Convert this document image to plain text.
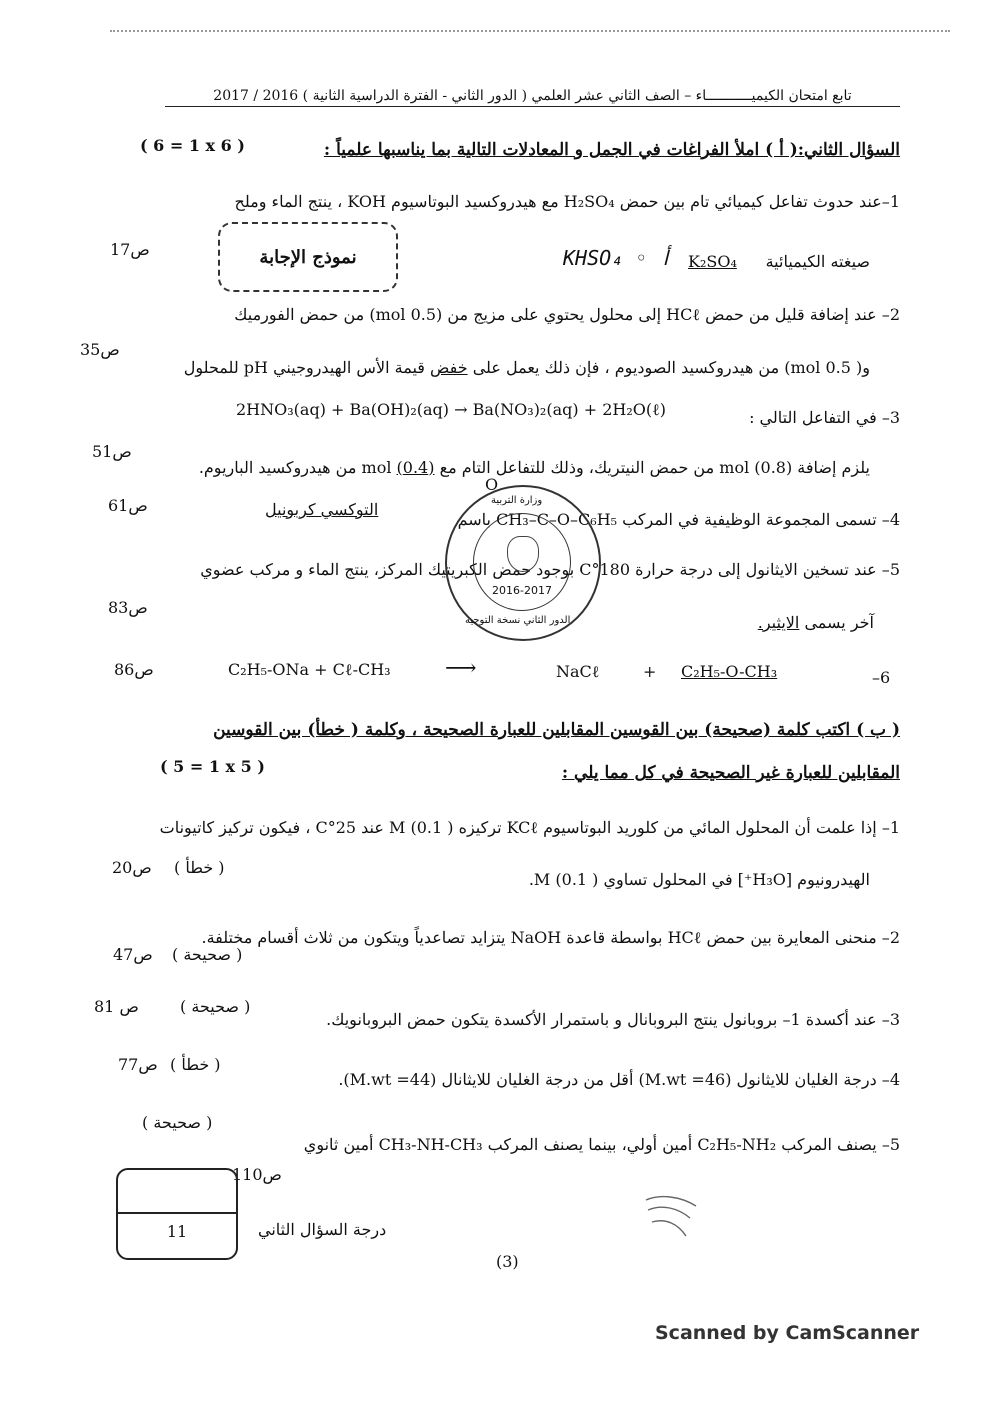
تابع امتحان الكيميـــــــــــاء – الصف الثاني عشر العلمي ( الدور الثاني - الفترة الدراسية الثانية ) 2016 / 2017
السؤال الثاني:( أ ) املأ الفراغات في الجمل و المعادلات التالية بما يناسبها علمياً :
( 6 = 1 x 6 )
1–عند حدوث تفاعل كيميائي تام بين حمض H₂SO₄ مع هيدروكسيد البوتاسيوم KOH ، ينتج الماء وملح
نموذج الإجابة
ص17
صيغته الكيميائية
K₂SO₄
KHSO₄ ◦ أ
2– عند إضافة قليل من حمض HCℓ إلى محلول يحتوي على مزيج من (0.5 mol) من حمض الفورميك
ص35
و( 0.5 mol) من هيدروكسيد الصوديوم ، فإن ذلك يعمل على خفض قيمة الأس الهيدروجيني pH للمحلول
3– في التفاعل التالي :
2HNO₃(aq) + Ba(OH)₂(aq) → Ba(NO₃)₂(aq) + 2H₂O(ℓ)
ص51
يلزم إضافة (0.8) mol من حمض النيتريك، وذلك للتفاعل التام مع (0.4) mol من هيدروكسيد الباريوم.
O
4– تسمى المجموعة الوظيفية في المركب CH₃–C–O–C₆H₅ باسم
التوكسي كربونيل
ص61
5– عند تسخين الايثانول إلى درجة حرارة 180°C بوجود حمض الكبريتيك المركز، ينتج الماء و مركب عضوي
ص83
آخر يسمى الايثير.
ص86	C₂H₅-ONa + Cℓ-CH₃ ⟶	NaCℓ	+ C₂H₅-O-CH₃	–6
وزارة التربية
2016-2017
الدور الثاني نسخة التوجيه
( ب ) اكتب كلمة (صحيحة) بين القوسين المقابلين للعبارة الصحيحة ، وكلمة ( خطأ) بين القوسين
( 5 = 1 x 5 )	المقابلين للعبارة غير الصحيحة في كل مما يلي :
1– إذا علمت أن المحلول المائي من كلوريد البوتاسيوم KCℓ تركيزه M (0.1 ) عند 25°C ، فيكون تركيز كاتيونات
الهيدرونيوم [H₃O⁺] في المحلول تساوي M (0.1 ).
( خطأ )
ص20
2– منحنى المعايرة بين حمض HCℓ بواسطة قاعدة NaOH يتزايد تصاعدياً ويتكون من ثلاث أقسام مختلفة.
( صحيحة )
ص47
3– عند أكسدة 1– بروبانول ينتج البروبانال و باستمرار الأكسدة يتكون حمض البروبانويك.
( صحيحة )
ص 81
4– درجة الغليان للايثانول (M.wt =46) أقل من درجة الغليان للايثانال (M.wt =44).
( خطأ )
ص77
5– يصنف المركب C₂H₅-NH₂ أمين أولي، بينما يصنف المركب CH₃-NH-CH₃ أمين ثانوي
( صحيحة )
ص110
11	درجة السؤال الثاني
(3)
Scanned by CamScanner
